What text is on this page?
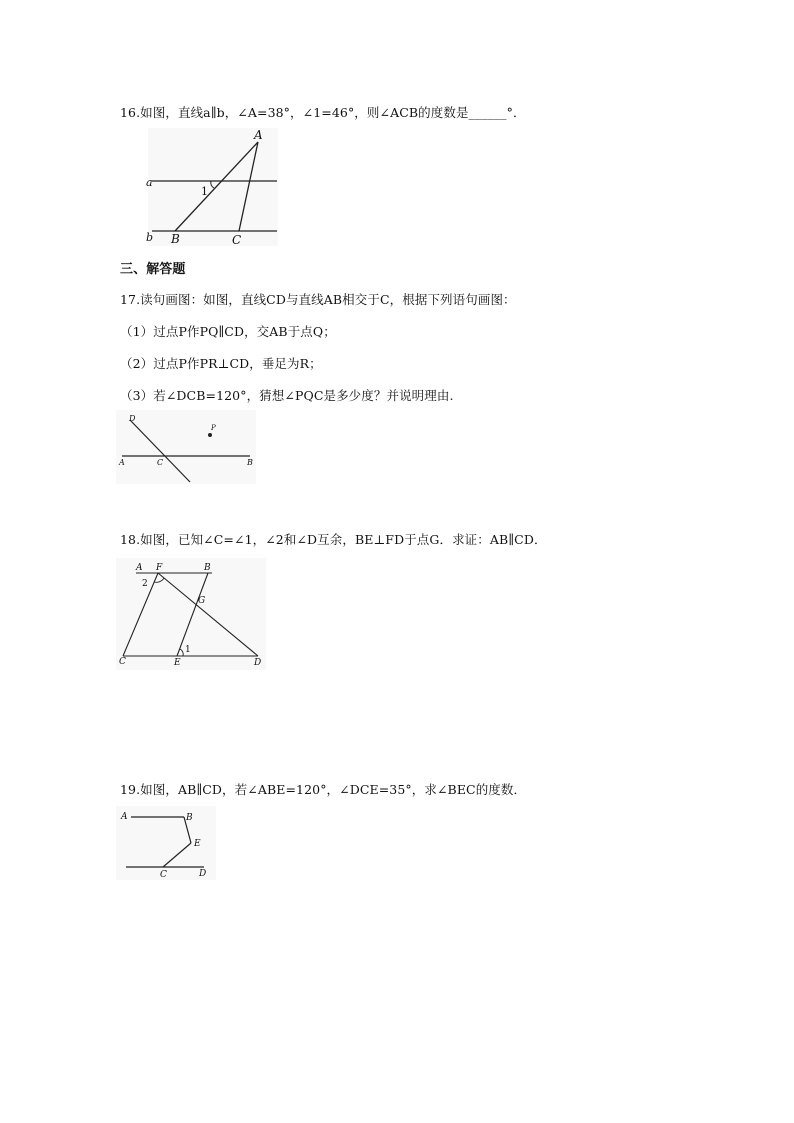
16.如图，直线a∥b，∠A=38°，∠1=46°，则∠ACB的度数是______°．
A
a
1
b B	C
三、解答题
17.读句画图：如图，直线CD与直线AB相交于C，根据下列语句画图：
（1）过点P作PQ∥CD，交AB于点Q；
（2）过点P作PR⊥CD，垂足为R；
（3）若∠DCB=120°，猜想∠PQC是多少度？并说明理由.
D
P
A	C	B
18.如图，已知∠C=∠1，∠2和∠D互余，BE⊥FD于点G．求证：AB∥CD．
A F	B
2
G
1
C	E	D
19.如图，AB∥CD，若∠ABE=120°，∠DCE=35°，求∠BEC的度数．
A	B
E
C	D
